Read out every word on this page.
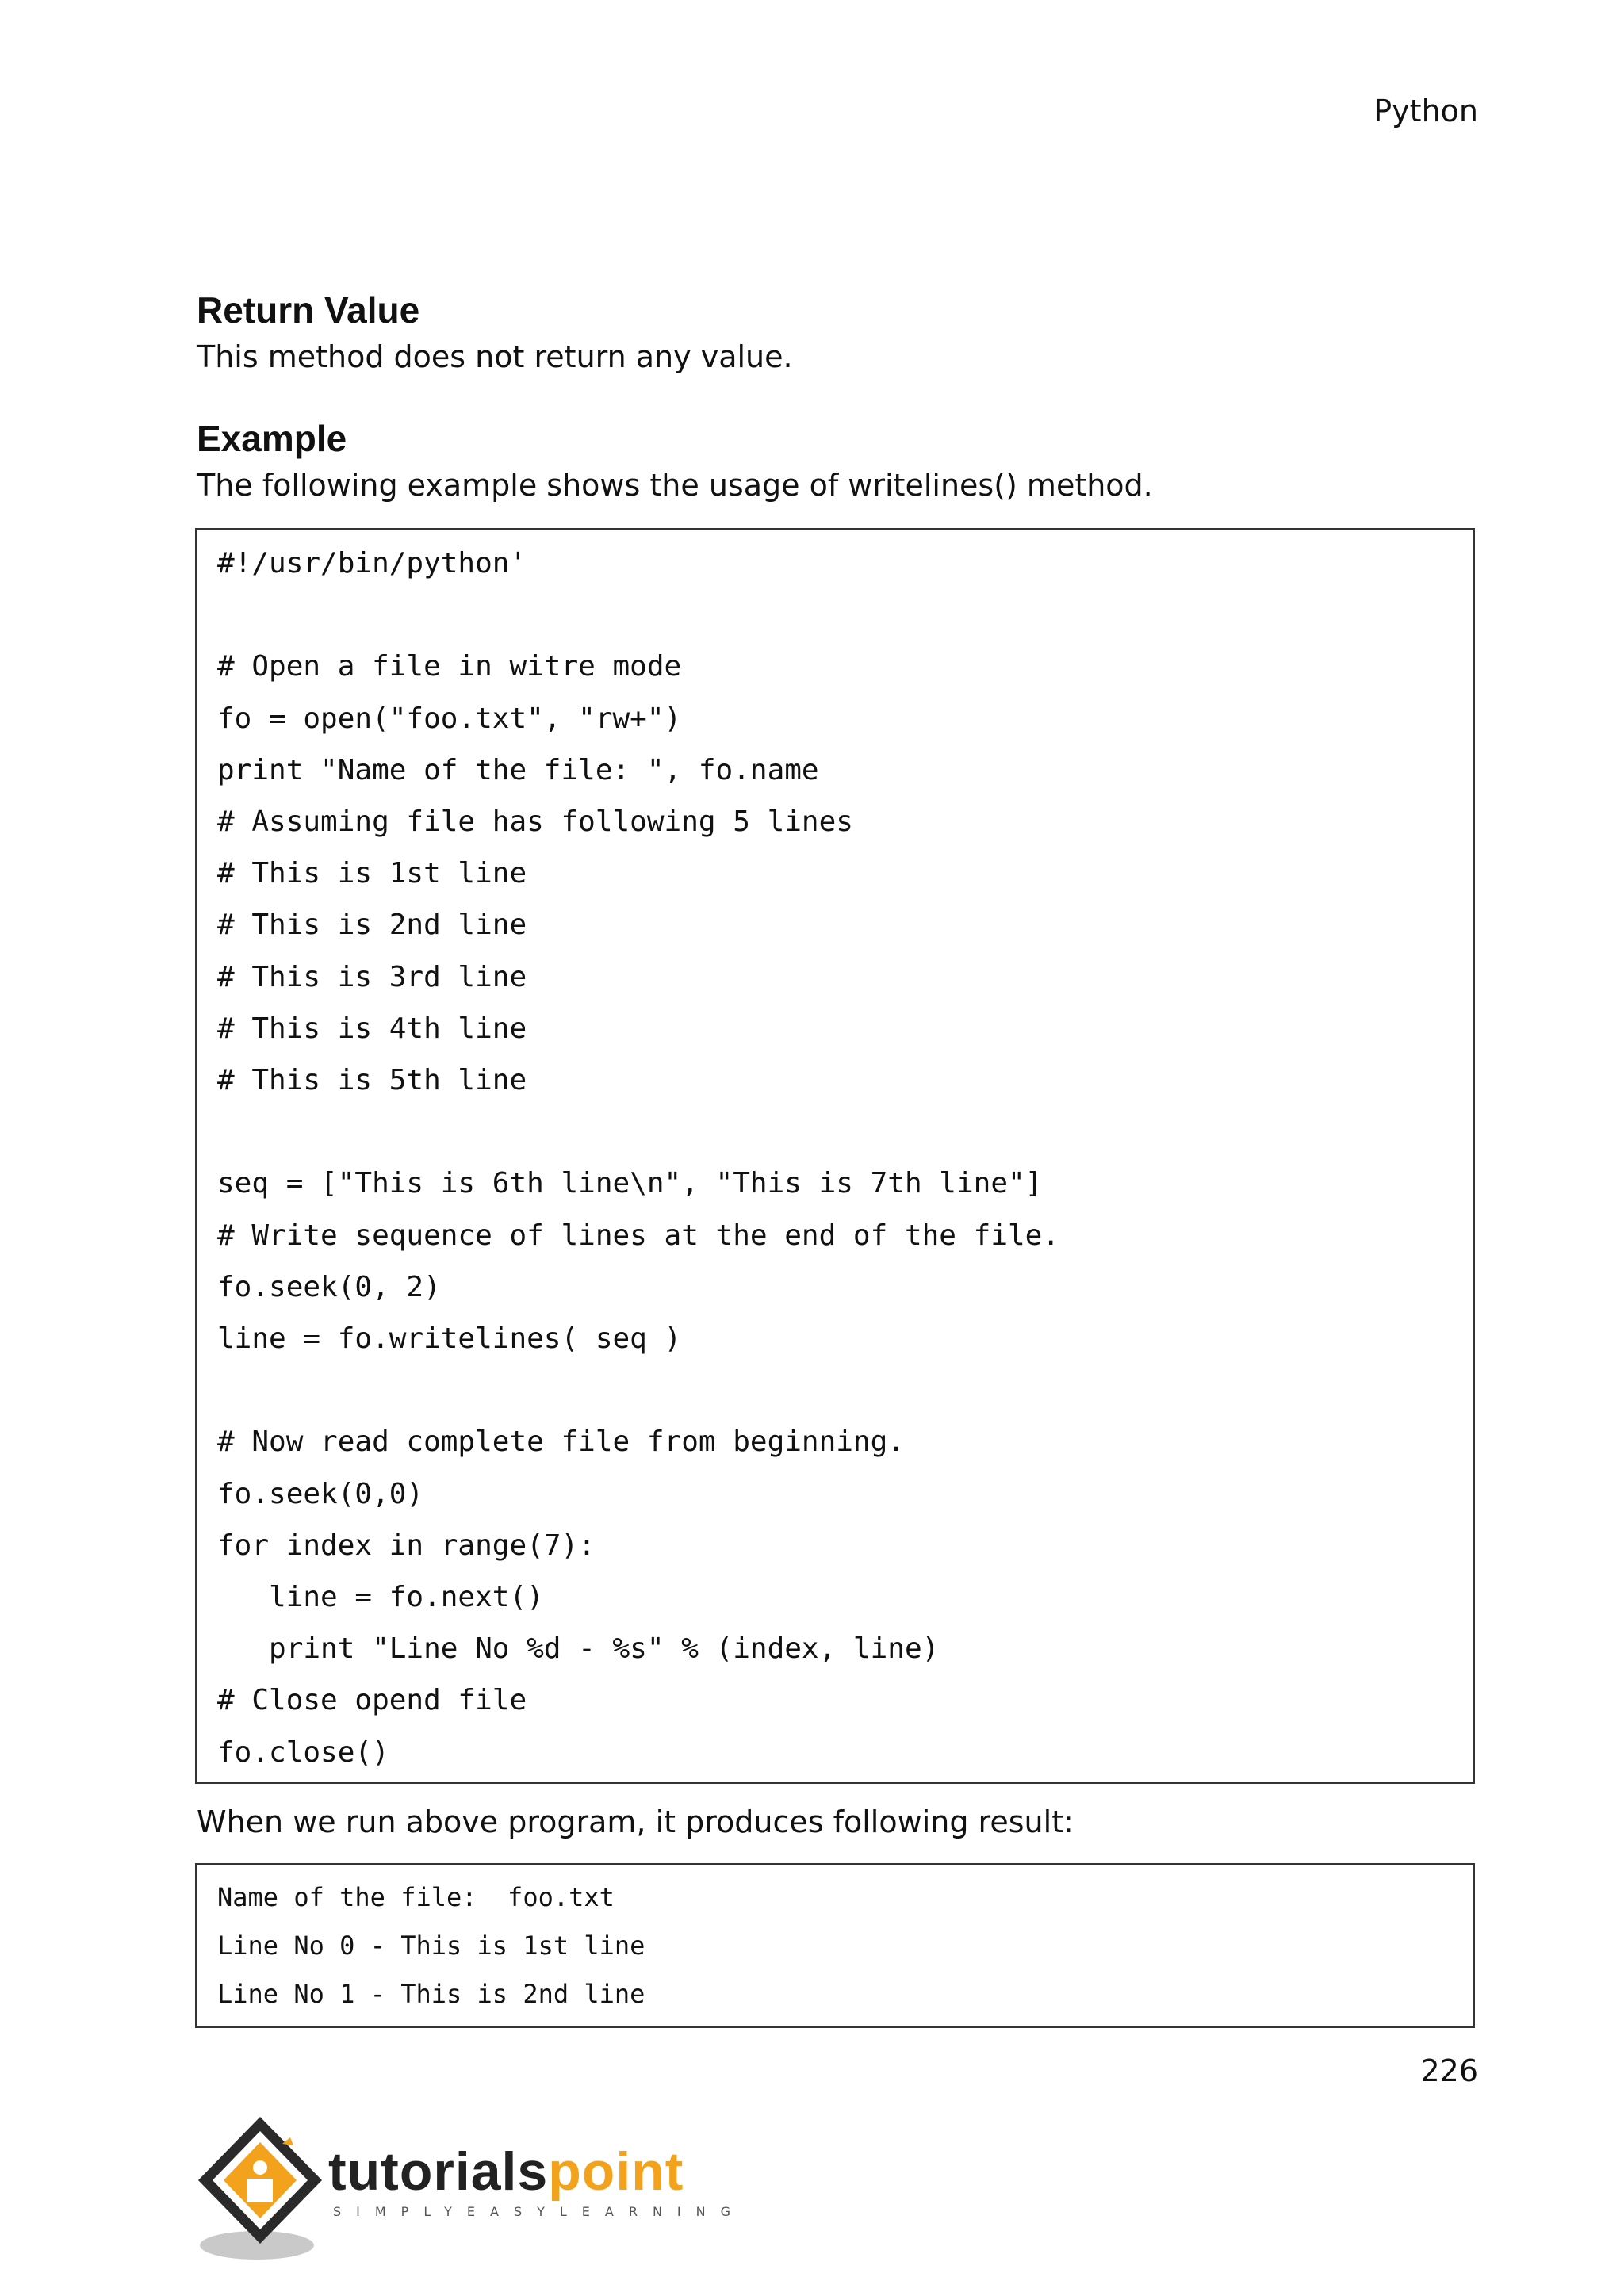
Python
Return Value

This method does not return any value.

Example

The following example shows the usage of writelines() method.

#!/usr/bin/python'
# Open a file in witre mode
fo = open("foo.txt", "rw+")
print "Name of the file: ", fo.name
# Assuming file has following 5 lines
# This is 1st line
# This is 2nd line
# This is 3rd line
# This is 4th line
# This is 5th line
seq = ["This is 6th line\n", "This is 7th line"]
# Write sequence of lines at the end of the file.
fo.seek(0, 2)
line = fo.writelines( seq )
# Now read complete file from beginning.
fo.seek(0,0)
for index in range(7):
line = fo.next()
print "Line No %d - %s" % (index, line)
# Close opend file
fo.close()

When we run above program, it produces following result:

Name of the file:  foo.txt
Line No 0 - This is 1st line
Line No 1 - This is 2nd line
226
tutorialspoint
SIMPLYEASYLEARNING
